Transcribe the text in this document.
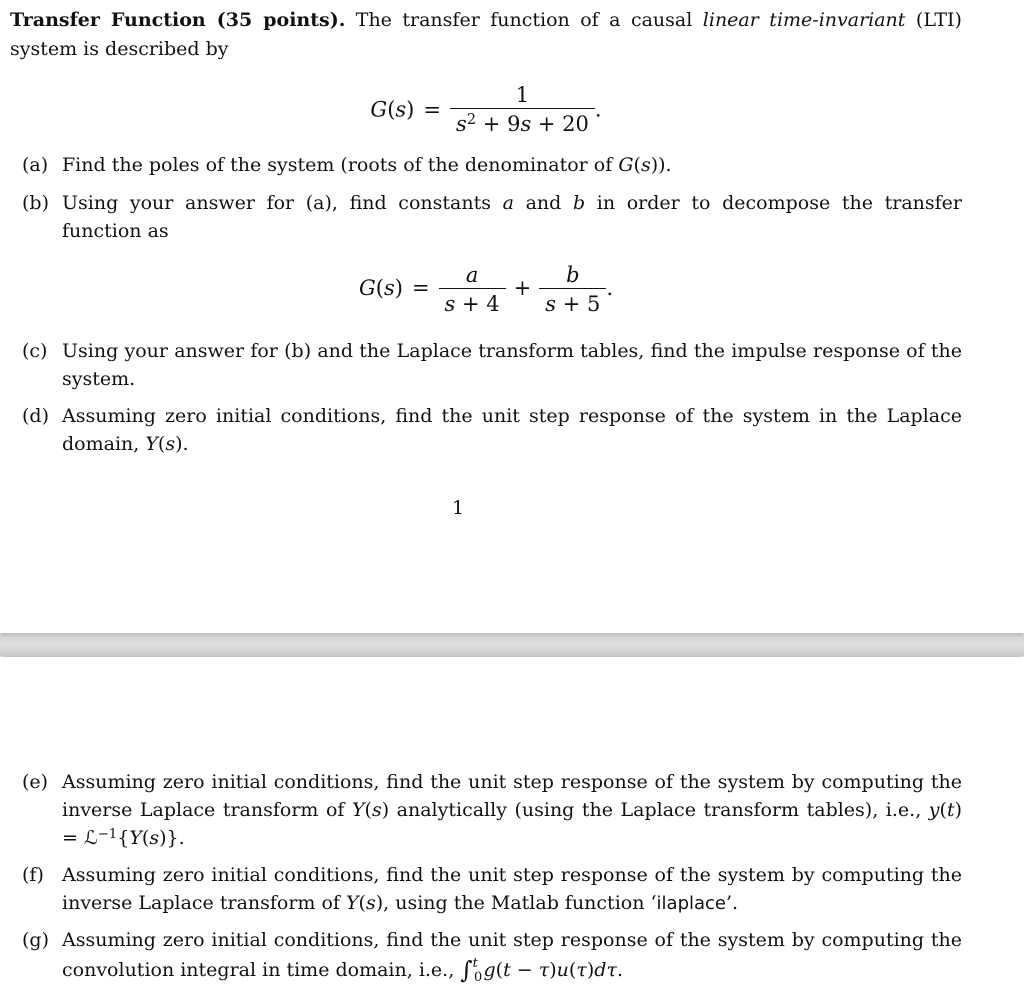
Transfer Function (35 points). The transfer function of a causal linear time-invariant (LTI) system is described by
$G(s) = \frac{1}{s^2 + 9s + 20}$ .
(a) Find the poles of the system (roots of the denominator of G(s)).
(b) Using your answer for (a), find constants a and b in order to decompose the transfer function as
$G(s) = \frac{a}{s + 4} + \frac{b}{s + 5}$ .
(c) Using your answer for (b) and the Laplace transform tables, find the impulse response of the system.
(d) Assuming zero initial conditions, find the unit step response of the system in the Laplace domain, Y(s).
1
(e) Assuming zero initial conditions, find the unit step response of the system by computing the inverse Laplace transform of Y(s) analytically (using the Laplace transform tables), i.e., y(t) = ℒ$^{-1}${Y(s)}.
(f) Assuming zero initial conditions, find the unit step response of the system by computing the inverse Laplace transform of Y(s), using the Matlab function ‘ilaplace’.
(g) Assuming zero initial conditions, find the unit step response of the system by computing the convolution integral in time domain, i.e., ∫$^t_0$g(t − τ)u(τ)dτ.
